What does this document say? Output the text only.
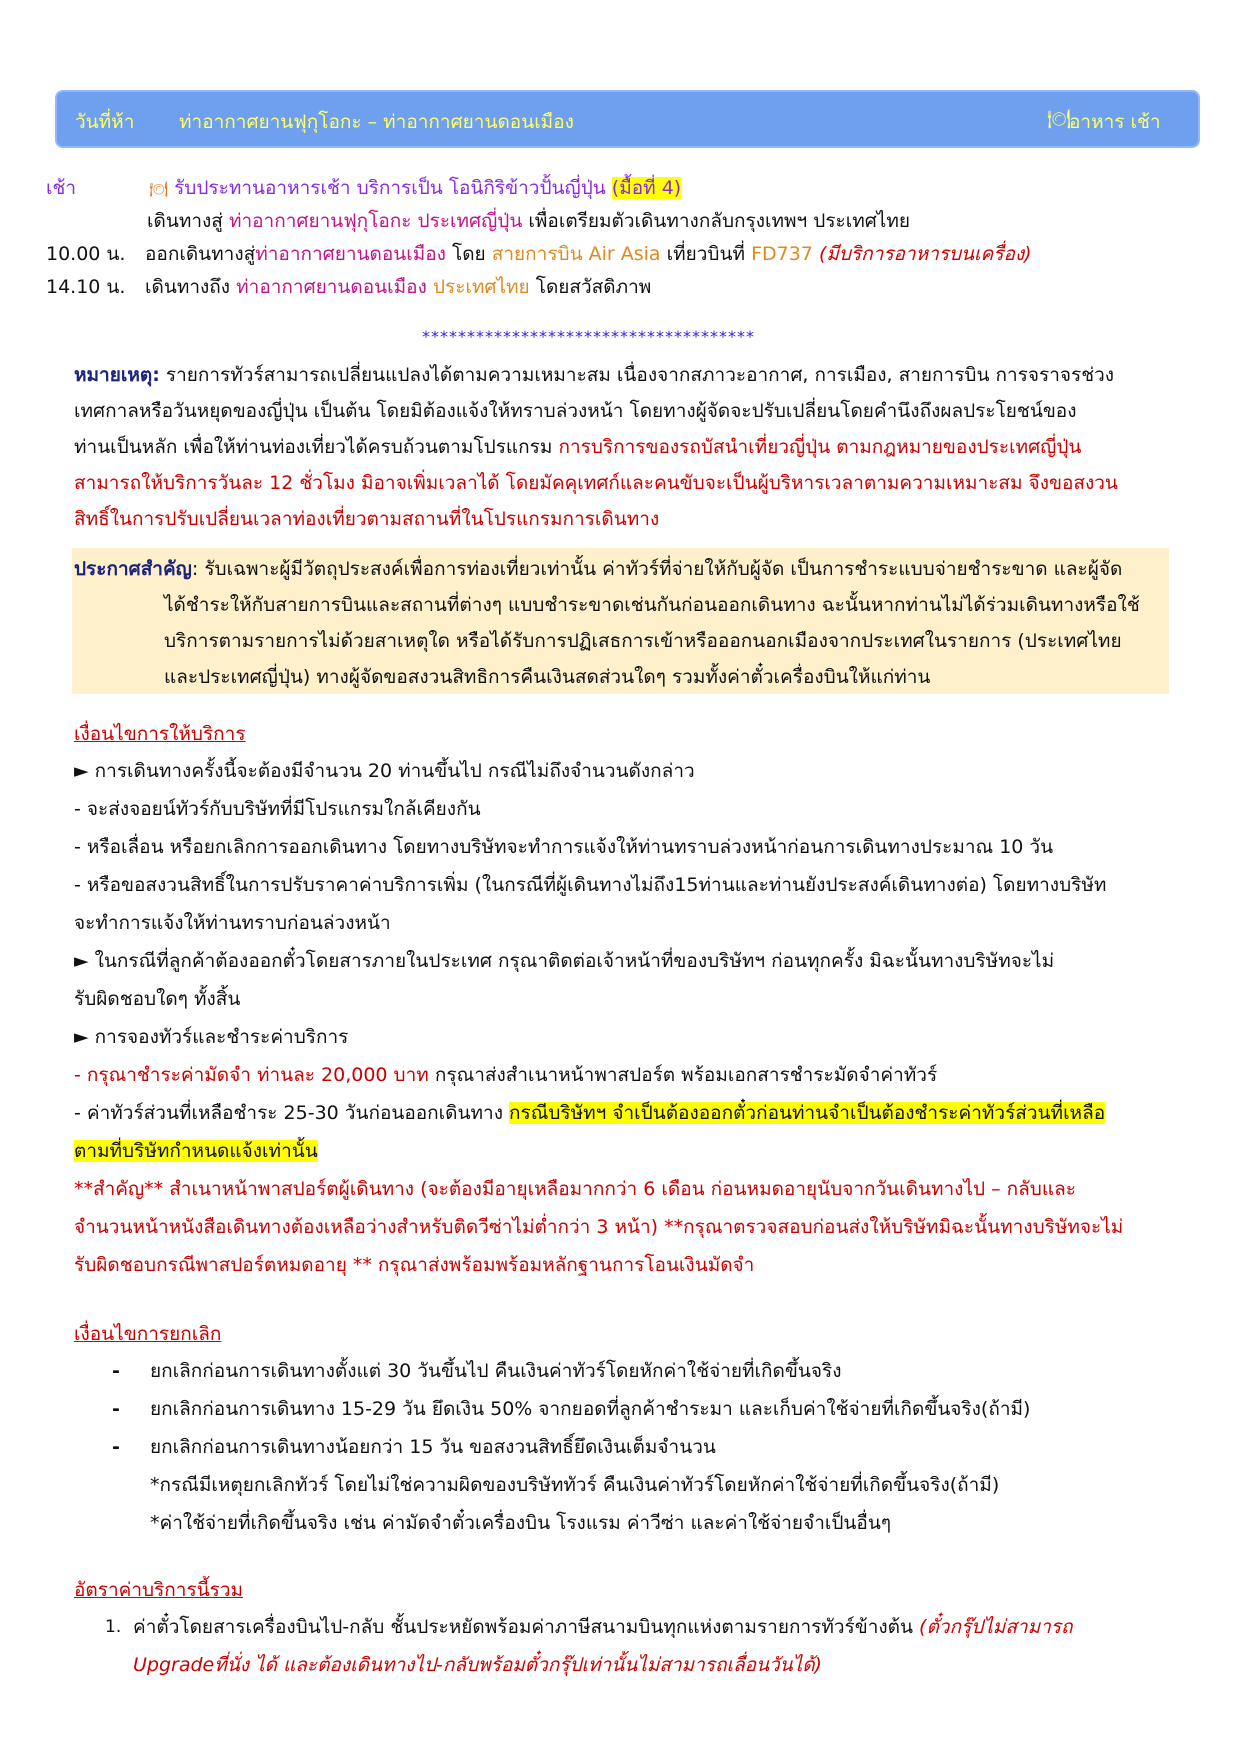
วันที่ห้า ท่าอากาศยานฟุกุโอกะ – ท่าอากาศยานดอนเมือง	🍽
อาหาร เช้า
เช้า	🍽 รับประทานอาหารเช้า บริการเป็น โอนิกิริข้าวปั้นญี่ปุ่น (มื้อที่ 4)
เดินทางสู่ ท่าอากาศยานฟุกุโอกะ ประเทศญี่ปุ่น เพื่อเตรียมตัวเดินทางกลับกรุงเทพฯ ประเทศไทย
10.00 น. ออกเดินทางสู่ท่าอากาศยานดอนเมือง โดย สายการบิน Air Asia เที่ยวบินที่ FD737 (มีบริการอาหารบนเครื่อง)
14.10 น. เดินทางถึง ท่าอากาศยานดอนเมือง ประเทศไทย โดยสวัสดิภาพ
*************************************
หมายเหตุ: รายการทัวร์สามารถเปลี่ยนแปลงได้ตามความเหมาะสม เนื่องจากสภาวะอากาศ, การเมือง, สายการบิน การจราจรช่วง
เทศกาลหรือวันหยุดของญี่ปุ่น เป็นต้น โดยมิต้องแจ้งให้ทราบล่วงหน้า โดยทางผู้จัดจะปรับเปลี่ยนโดยคำนึงถึงผลประโยชน์ของ
ท่านเป็นหลัก เพื่อให้ท่านท่องเที่ยวได้ครบถ้วนตามโปรแกรม การบริการของรถบัสนำเที่ยวญี่ปุ่น ตามกฎหมายของประเทศญี่ปุ่น
สามารถให้บริการวันละ 12 ชั่วโมง มิอาจเพิ่มเวลาได้ โดยมัคคุเทศก์และคนขับจะเป็นผู้บริหารเวลาตามความเหมาะสม จึงขอสงวน
สิทธิ์ในการปรับเปลี่ยนเวลาท่องเที่ยวตามสถานที่ในโปรแกรมการเดินทาง
ประกาศสำคัญ: รับเฉพาะผู้มีวัตถุประสงค์เพื่อการท่องเที่ยวเท่านั้น ค่าทัวร์ที่จ่ายให้กับผู้จัด เป็นการชำระแบบจ่ายชำระขาด และผู้จัด
ได้ชำระให้กับสายการบินและสถานที่ต่างๆ แบบชำระขาดเช่นกันก่อนออกเดินทาง ฉะนั้นหากท่านไม่ได้ร่วมเดินทางหรือใช้
บริการตามรายการไม่ด้วยสาเหตุใด หรือได้รับการปฏิเสธการเข้าหรือออกนอกเมืองจากประเทศในรายการ (ประเทศไทย
และประเทศญี่ปุ่น) ทางผู้จัดขอสงวนสิทธิการคืนเงินสดส่วนใดๆ รวมทั้งค่าตั๋วเครื่องบินให้แก่ท่าน
เงื่อนไขการให้บริการ
► การเดินทางครั้งนี้จะต้องมีจำนวน 20 ท่านขึ้นไป กรณีไม่ถึงจำนวนดังกล่าว
- จะส่งจอยน์ทัวร์กับบริษัทที่มีโปรแกรมใกล้เคียงกัน
- หรือเลื่อน หรือยกเลิกการออกเดินทาง โดยทางบริษัทจะทำการแจ้งให้ท่านทราบล่วงหน้าก่อนการเดินทางประมาณ 10 วัน
- หรือขอสงวนสิทธิ์ในการปรับราคาค่าบริการเพิ่ม (ในกรณีที่ผู้เดินทางไม่ถึง15ท่านและท่านยังประสงค์เดินทางต่อ) โดยทางบริษัท
จะทำการแจ้งให้ท่านทราบก่อนล่วงหน้า
► ในกรณีที่ลูกค้าต้องออกตั๋วโดยสารภายในประเทศ กรุณาติดต่อเจ้าหน้าที่ของบริษัทฯ ก่อนทุกครั้ง มิฉะนั้นทางบริษัทจะไม่
รับผิดชอบใดๆ ทั้งสิ้น
► การจองทัวร์และชำระค่าบริการ
- กรุณาชำระค่ามัดจำ ท่านละ 20,000 บาท กรุณาส่งสำเนาหน้าพาสปอร์ต พร้อมเอกสารชำระมัดจำค่าทัวร์
- ค่าทัวร์ส่วนที่เหลือชำระ 25-30 วันก่อนออกเดินทาง กรณีบริษัทฯ จำเป็นต้องออกตั๋วก่อนท่านจำเป็นต้องชำระค่าทัวร์ส่วนที่เหลือ
ตามที่บริษัทกำหนดแจ้งเท่านั้น
**สำคัญ** สำเนาหน้าพาสปอร์ตผู้เดินทาง (จะต้องมีอายุเหลือมากกว่า 6 เดือน ก่อนหมดอายุนับจากวันเดินทางไป – กลับและ
จำนวนหน้าหนังสือเดินทางต้องเหลือว่างสำหรับติดวีซ่าไม่ต่ำกว่า 3 หน้า) **กรุณาตรวจสอบก่อนส่งให้บริษัทมิฉะนั้นทางบริษัทจะไม่
รับผิดชอบกรณีพาสปอร์ตหมดอายุ ** กรุณาส่งพร้อมพร้อมหลักฐานการโอนเงินมัดจำ
เงื่อนไขการยกเลิก
- ยกเลิกก่อนการเดินทางตั้งแต่ 30 วันขึ้นไป คืนเงินค่าทัวร์โดยหักค่าใช้จ่ายที่เกิดขึ้นจริง
- ยกเลิกก่อนการเดินทาง 15-29 วัน ยึดเงิน 50% จากยอดที่ลูกค้าชำระมา และเก็บค่าใช้จ่ายที่เกิดขึ้นจริง(ถ้ามี)
- ยกเลิกก่อนการเดินทางน้อยกว่า 15 วัน ขอสงวนสิทธิ์ยึดเงินเต็มจำนวน
*กรณีมีเหตุยกเลิกทัวร์ โดยไม่ใช่ความผิดของบริษัททัวร์ คืนเงินค่าทัวร์โดยหักค่าใช้จ่ายที่เกิดขึ้นจริง(ถ้ามี)
*ค่าใช้จ่ายที่เกิดขึ้นจริง เช่น ค่ามัดจำตั๋วเครื่องบิน โรงแรม ค่าวีซ่า และค่าใช้จ่ายจำเป็นอื่นๆ
อัตราค่าบริการนี้รวม
1. ค่าตั๋วโดยสารเครื่องบินไป-กลับ ชั้นประหยัดพร้อมค่าภาษีสนามบินทุกแห่งตามรายการทัวร์ข้างต้น (ตั๋วกรุ๊ปไม่สามารถ
Upgradeที่นั่ง ได้ และต้องเดินทางไป-กลับพร้อมตั๋วกรุ๊ปเท่านั้นไม่สามารถเลื่อนวันได้)
